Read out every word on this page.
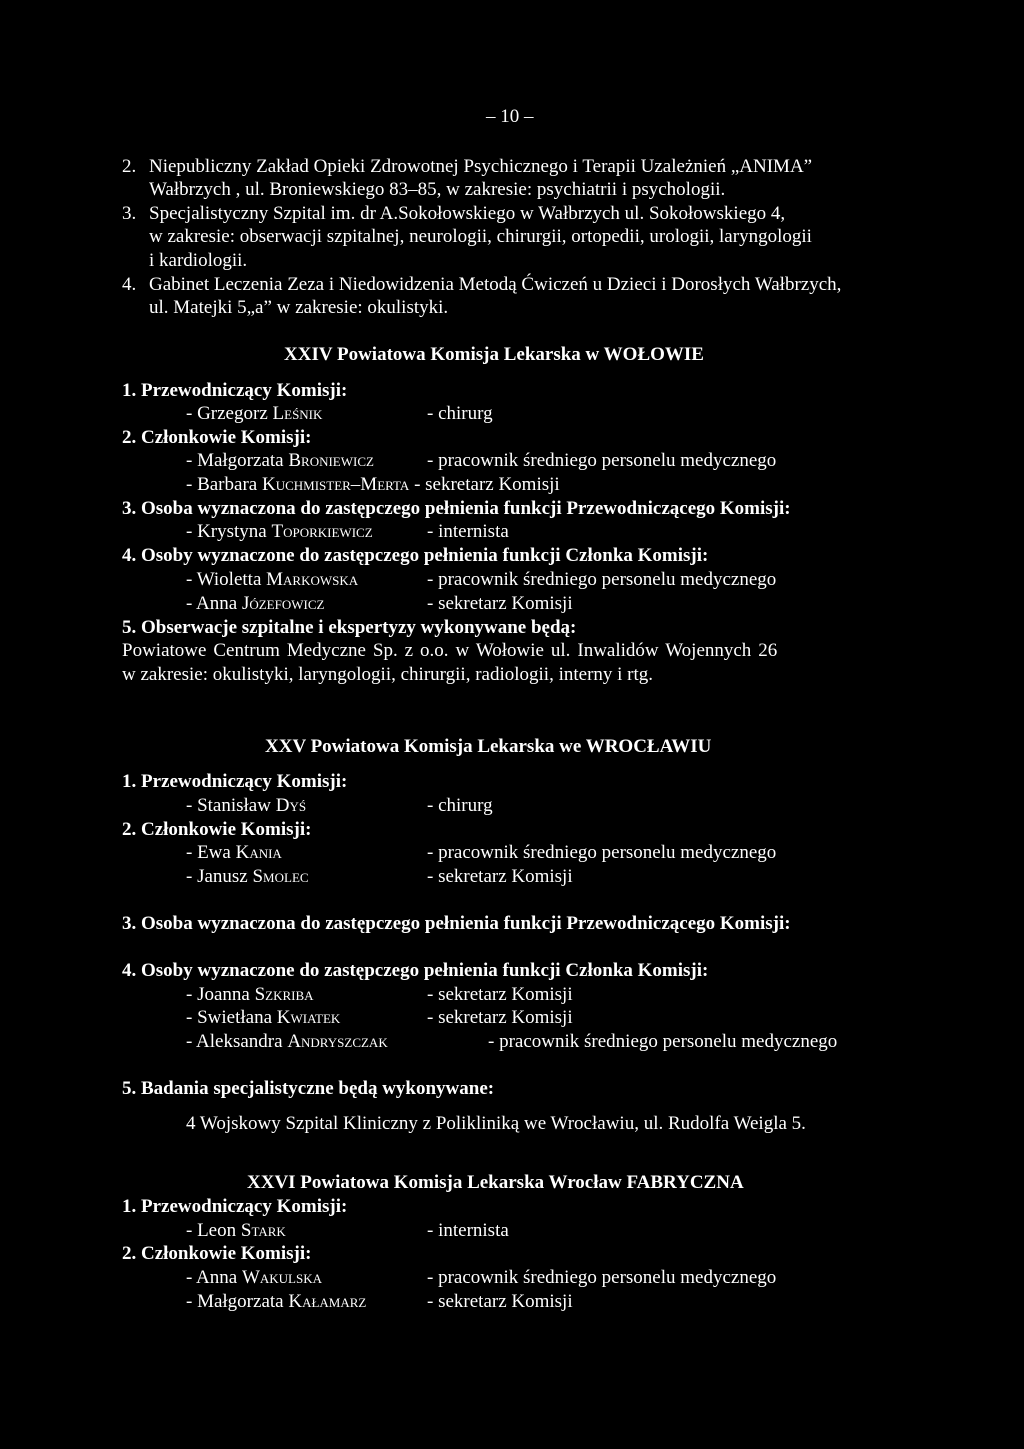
– 10 –
2. Niepubliczny Zakład Opieki Zdrowotnej Psychicznego i Terapii Uzależnień „ANIMA”
Wałbrzych , ul. Broniewskiego 83–85, w zakresie: psychiatrii i psychologii.
3. Specjalistyczny Szpital im. dr A.Sokołowskiego w Wałbrzych ul. Sokołowskiego 4,
w zakresie: obserwacji szpitalnej, neurologii, chirurgii, ortopedii, urologii, laryngologii
i kardiologii.
4. Gabinet Leczenia Zeza i Niedowidzenia Metodą Ćwiczeń u Dzieci i Dorosłych Wałbrzych,
ul. Matejki 5„a” w zakresie: okulistyki.
XXIV Powiatowa Komisja Lekarska w WOŁOWIE
1. Przewodniczący Komisji:
- Grzegorz Leśnik	- chirurg
2. Członkowie Komisji:
- Małgorzata Broniewicz	- pracownik średniego personelu medycznego
- Barbara Kuchmister–Merta - sekretarz Komisji
3. Osoba wyznaczona do zastępczego pełnienia funkcji Przewodniczącego Komisji:
- Krystyna Toporkiewicz	- internista
4. Osoby wyznaczone do zastępczego pełnienia funkcji Członka Komisji:
- Wioletta Markowska	- pracownik średniego personelu medycznego
- Anna Józefowicz	- sekretarz Komisji
5. Obserwacje szpitalne i ekspertyzy wykonywane będą:
Powiatowe Centrum Medyczne Sp. z o.o. w Wołowie ul. Inwalidów Wojennych 26
w zakresie: okulistyki, laryngologii, chirurgii, radiologii, interny i rtg.
XXV Powiatowa Komisja Lekarska we WROCŁAWIU
1. Przewodniczący Komisji:
- Stanisław Dyś	- chirurg
2. Członkowie Komisji:
- Ewa Kania	- pracownik średniego personelu medycznego
- Janusz Smolec	- sekretarz Komisji
3. Osoba wyznaczona do zastępczego pełnienia funkcji Przewodniczącego Komisji:
4. Osoby wyznaczone do zastępczego pełnienia funkcji Członka Komisji:
- Joanna Szkriba	- sekretarz Komisji
- Swietłana Kwiatek	- sekretarz Komisji
- Aleksandra Andryszczak	- pracownik średniego personelu medycznego
5. Badania specjalistyczne będą wykonywane:
4 Wojskowy Szpital Kliniczny z Polikliniką we Wrocławiu, ul. Rudolfa Weigla 5.
XXVI Powiatowa Komisja Lekarska Wrocław FABRYCZNA
1. Przewodniczący Komisji:
- Leon Stark	- internista
2. Członkowie Komisji:
- Anna Wakulska	- pracownik średniego personelu medycznego
- Małgorzata Kałamarz	- sekretarz Komisji
